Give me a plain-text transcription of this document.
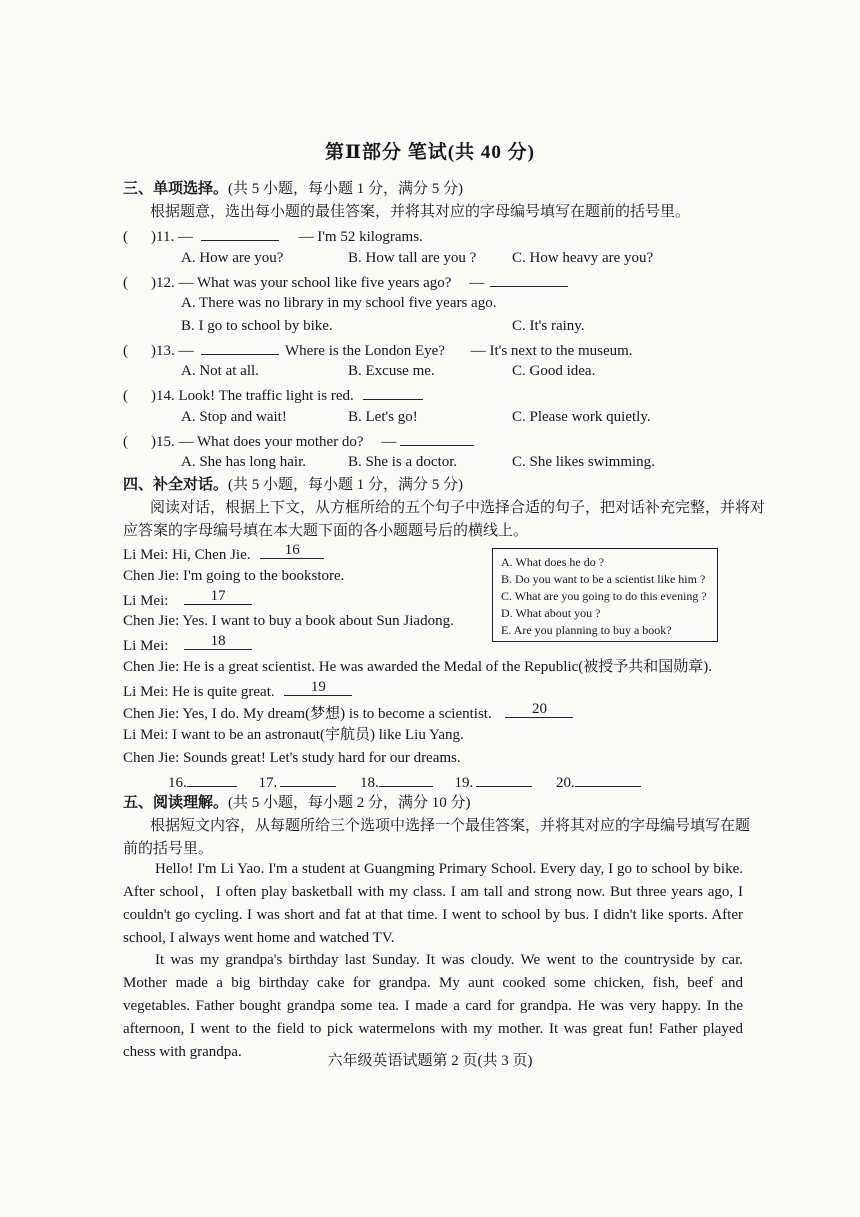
第Ⅱ部分 笔试(共 40 分)
三、单项选择。(共 5 小题，每小题 1 分，满分 5 分)
根据题意，选出每小题的最佳答案，并将其对应的字母编号填写在题前的括号里。
( )11. —	— I'm 52 kilograms.
A. How are you?	B. How tall are you ? C. How heavy are you?
( )12. — What was your school like five years ago? —
A. There was no library in my school five years ago.
B. I go to school by bike.	C. It's rainy.
( )13. —	Where is the London Eye? — It's next to the museum.
A. Not at all.	B. Excuse me.	C. Good idea.
( )14. Look! The traffic light is red.
A. Stop and wait!	B. Let's go!	C. Please work quietly.
( )15. — What does your mother do? —
A. She has long hair.	B. She is a doctor.	C. She likes swimming.
四、补全对话。(共 5 小题，每小题 1 分，满分 5 分)
阅读对话，根据上下文，从方框所给的五个句子中选择合适的句子，把对话补充完整，并将对
应答案的字母编号填在本大题下面的各小题题号后的横线上。
A. What does he do ?
B. Do you want to be a scientist like him ?
C. What are you going to do this evening ?
D. What about you ?
E. Are you planning to buy a book?
Li Mei: Hi, Chen Jie.	16
Chen Jie: I'm going to the bookstore.
Li Mei:	17
Chen Jie: Yes. I want to buy a book about Sun Jiadong.
Li Mei:	18
Chen Jie: He is a great scientist. He was awarded the Medal of the Republic(被授予共和国勋章).
Li Mei: He is quite great.	19
Chen Jie: Yes, I do. My dream(梦想) is to become a scientist.	20
Li Mei: I want to be an astronaut(宇航员) like Liu Yang.
Chen Jie: Sounds great! Let's study hard for our dreams.
16.	17.	18.	19.	20.
五、阅读理解。(共 5 小题，每小题 2 分，满分 10 分)
根据短文内容，从每题所给三个选项中选择一个最佳答案，并将其对应的字母编号填写在题
前的括号里。
Hello! I'm Li Yao. I'm a student at Guangming Primary School. Every day, I go to school by bike. After school，I often play basketball with my class. I am tall and strong now. But three years ago, I couldn't go cycling. I was short and fat at that time. I went to school by bus. I didn't like sports. After school, I always went home and watched TV.
It was my grandpa's birthday last Sunday. It was cloudy. We went to the countryside by car. Mother made a big birthday cake for grandpa. My aunt cooked some chicken, fish, beef and vegetables. Father bought grandpa some tea. I made a card for grandpa. He was very happy. In the afternoon, I went to the field to pick watermelons with my mother. It was great fun! Father played chess with grandpa.
六年级英语试题第 2 页(共 3 页)
